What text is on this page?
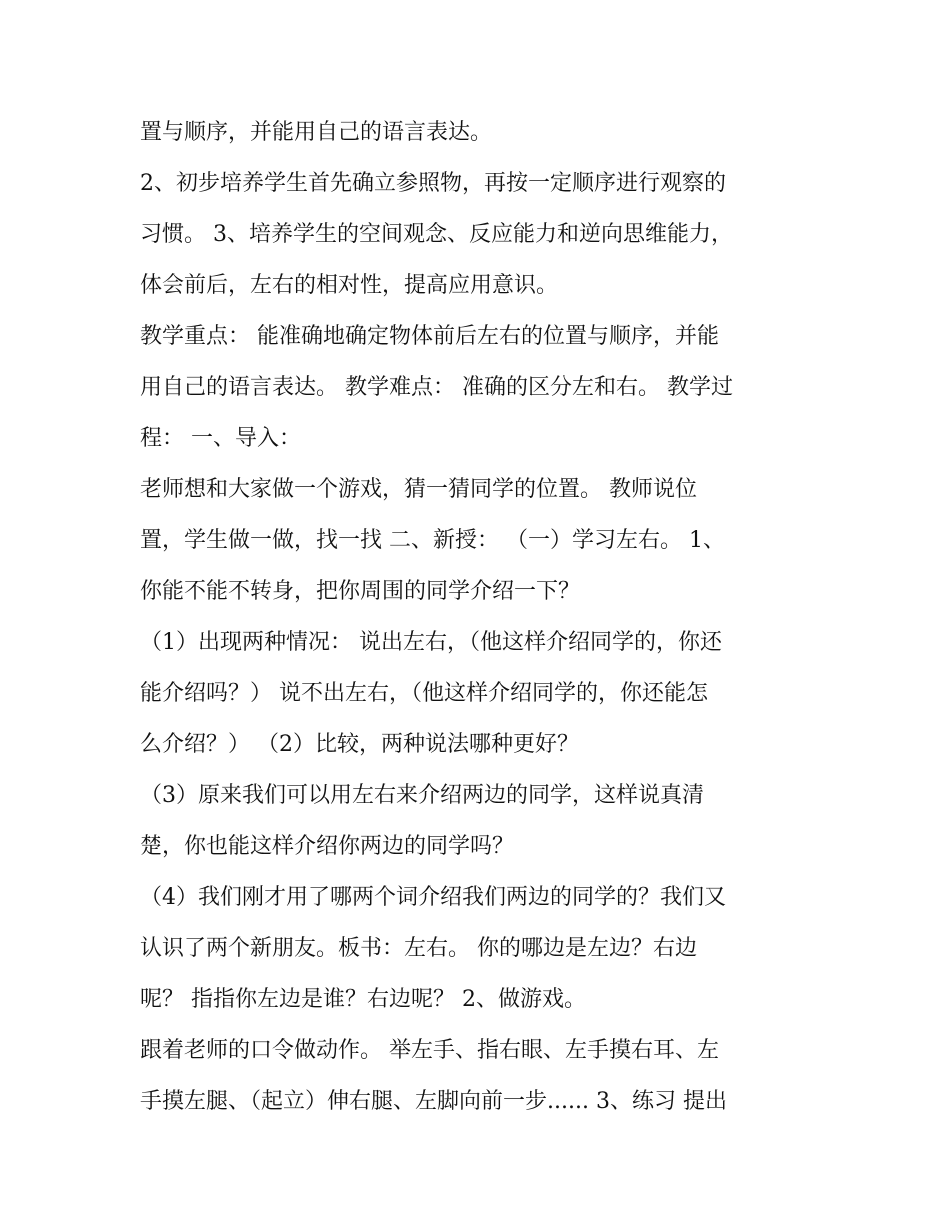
置与顺序，并能用自己的语言表达。
2、初步培养学生首先确立参照物，再按一定顺序进行观察的
习惯。 3、培养学生的空间观念、反应能力和逆向思维能力，
体会前后，左右的相对性，提高应用意识。
教学重点： 能准确地确定物体前后左右的位置与顺序，并能
用自己的语言表达。 教学难点： 准确的区分左和右。 教学过
程： 一、导入：
老师想和大家做一个游戏，猜一猜同学的位置。 教师说位
置，学生做一做，找一找 二、新授： （一）学习左右。 1、
你能不能不转身，把你周围的同学介绍一下？
（1）出现两种情况： 说出左右，（他这样介绍同学的，你还
能介绍吗？） 说不出左右，（他这样介绍同学的，你还能怎
么介绍？） （2）比较，两种说法哪种更好？
（3）原来我们可以用左右来介绍两边的同学，这样说真清
楚，你也能这样介绍你两边的同学吗？
（4）我们刚才用了哪两个词介绍我们两边的同学的？我们又
认识了两个新朋友。板书：左右。 你的哪边是左边？右边
呢？ 指指你左边是谁？右边呢？ 2、做游戏。
跟着老师的口令做动作。 举左手、指右眼、左手摸右耳、左
手摸左腿、（起立）伸右腿、左脚向前一步...... 3、练习 提出
